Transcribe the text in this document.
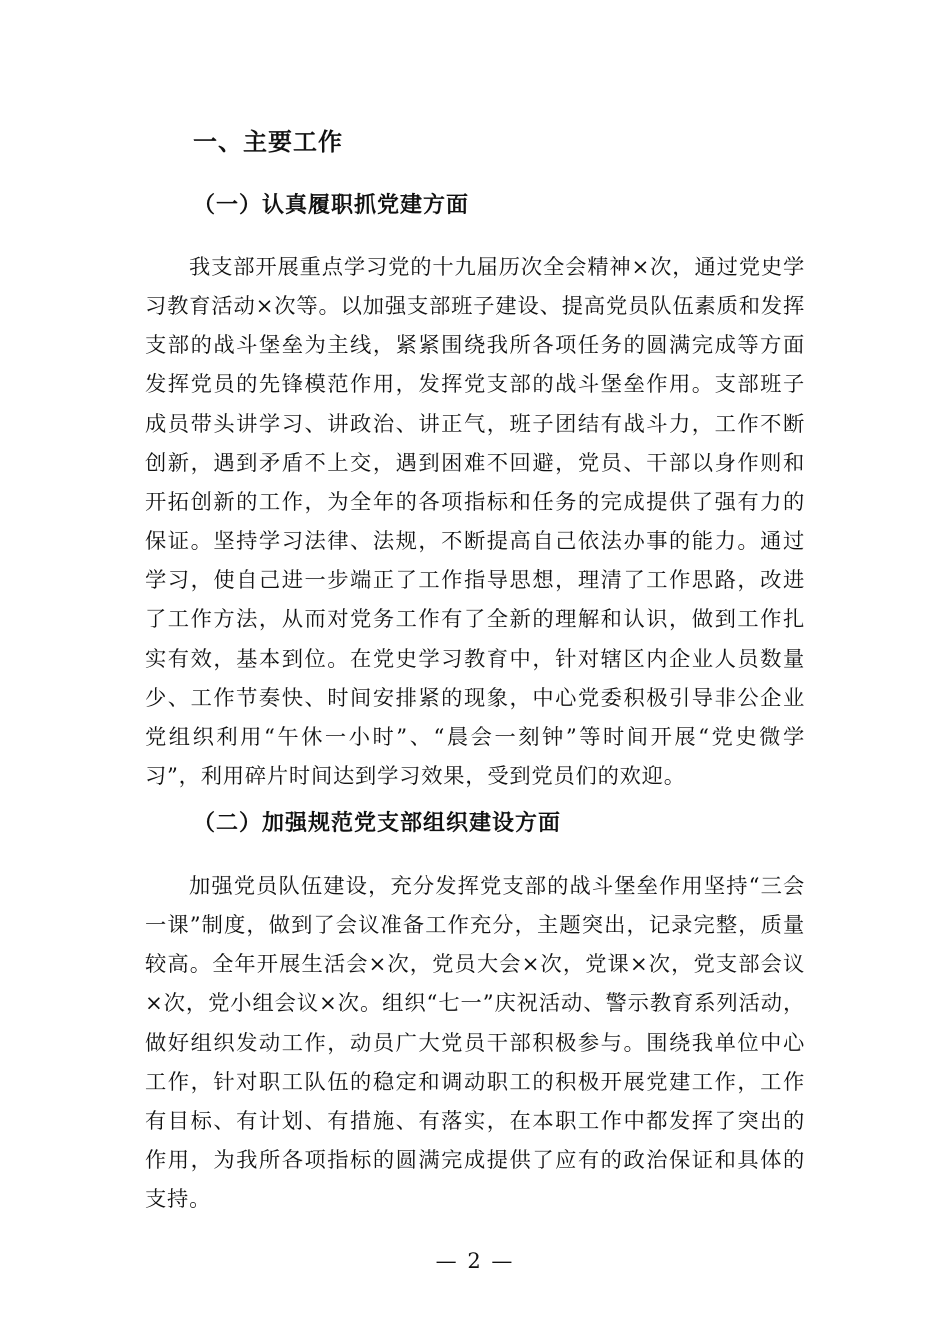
一、主要工作
（一）认真履职抓党建方面

我支部开展重点学习党的十九届历次全会精神×次，通过党史学习教育活动×次等。以加强支部班子建设、提高党员队伍素质和发挥支部的战斗堡垒为主线，紧紧围绕我所各项任务的圆满完成等方面发挥党员的先锋模范作用，发挥党支部的战斗堡垒作用。支部班子成员带头讲学习、讲政治、讲正气，班子团结有战斗力，工作不断创新，遇到矛盾不上交，遇到困难不回避，党员、干部以身作则和开拓创新的工作，为全年的各项指标和任务的完成提供了强有力的保证。坚持学习法律、法规，不断提高自己依法办事的能力。通过学习，使自己进一步端正了工作指导思想，理清了工作思路，改进了工作方法，从而对党务工作有了全新的理解和认识，做到工作扎实有效，基本到位。在党史学习教育中，针对辖区内企业人员数量少、工作节奏快、时间安排紧的现象，中心党委积极引导非公企业党组织利用“午休一小时”、“晨会一刻钟”等时间开展“党史微学习”，利用碎片时间达到学习效果，受到党员们的欢迎。

（二）加强规范党支部组织建设方面

加强党员队伍建设，充分发挥党支部的战斗堡垒作用坚持“三会一课”制度，做到了会议准备工作充分，主题突出，记录完整，质量较高。全年开展生活会×次，党员大会×次，党课×次，党支部会议×次，党小组会议×次。组织“七一”庆祝活动、警示教育系列活动，做好组织发动工作，动员广大党员干部积极参与。围绕我单位中心工作，针对职工队伍的稳定和调动职工的积极开展党建工作，工作有目标、有计划、有措施、有落实，在本职工作中都发挥了突出的作用，为我所各项指标的圆满完成提供了应有的政治保证和具体的支持。

— 2 —
